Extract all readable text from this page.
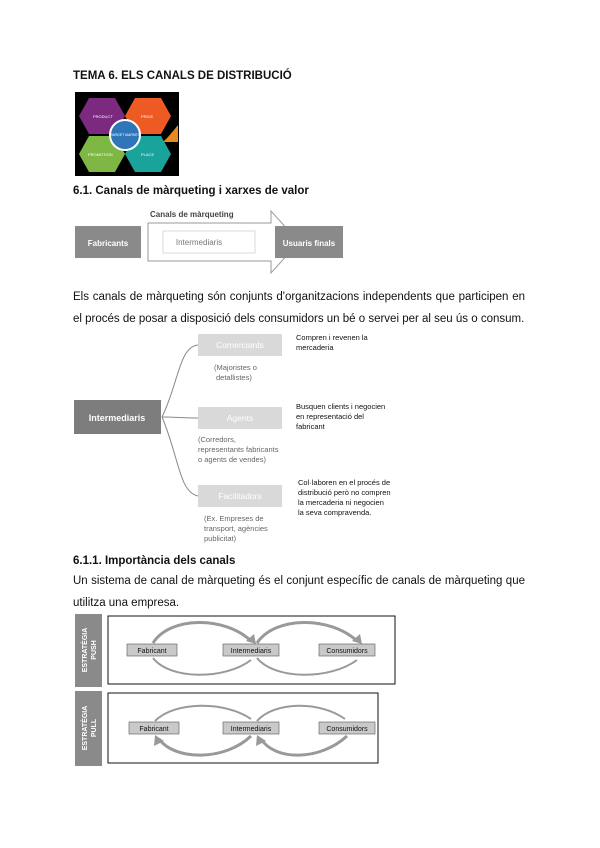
TEMA 6. ELS CANALS DE DISTRIBUCIÓ
PRODUCT	PRICE
TARGET MARKET
PROMOTION	PLACE
6.1. Canals de màrqueting i xarxes de valor
Canals de màrqueting
Fabricants	Intermediaris	Usuaris finals
Els canals de màrqueting són conjunts d'organitzacions independents que participen en el procés de posar a disposició dels consumidors un bé o servei per al seu ús o consum.
Intermediaris
Comerciants
(Majoristes o
detallistes)
Compren i revenen la
mercaderia
Agents
(Corredors,
representants fabricants
o agents de vendes)
Busquen clients i negocien
en representació del
fabricant
Facilitadors
(Ex. Empreses de
transport, agències
publicitat)
Col·laboren en el procés de
distribució però no compren
la mercaderia ni negocien
la seva compravenda.
6.1.1. Importància dels canals
Un sistema de canal de màrqueting és el conjunt específic de canals de màrqueting que utilitza una empresa.
ESTRATÈGIA PUSH	Fabricant	Intermediaris	Consumidors
ESTRATÈGIA PULL	Fabricant	Intermediaris	Consumidors
